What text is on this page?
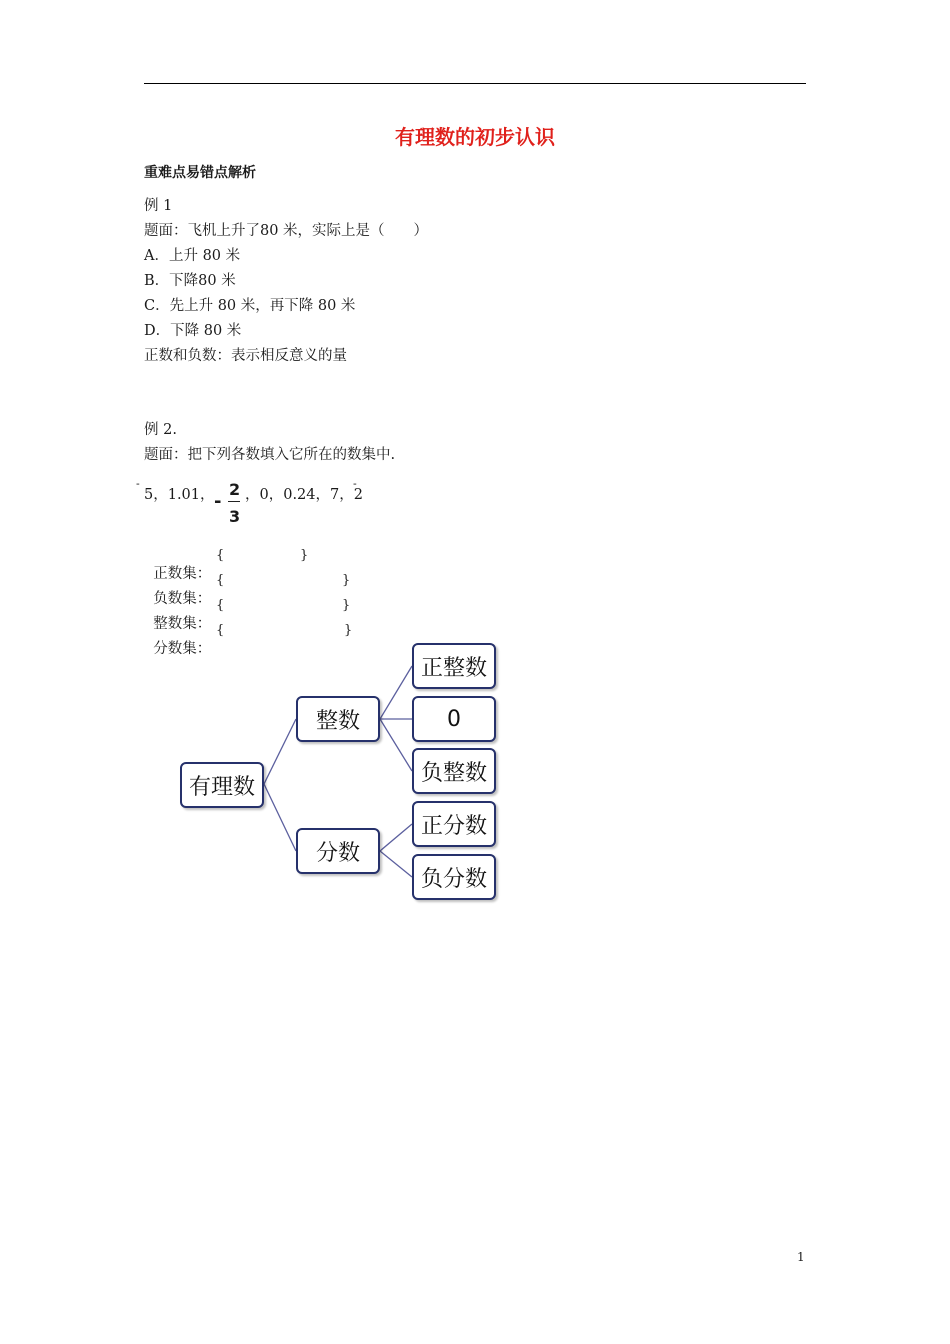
有理数的初步认识
重难点易错点解析
例 1
题面：飞机上升了80 米，实际上是（　　）
A．上升 80 米
B．下降80 米
C．先上升 80 米，再下降 80 米
D．下降 80 米
正数和负数：表示相反意义的量
例 2.
题面：把下列各数填入它所在的数集中.
5，1.01，
-
-
2
3
，0，0.24，7，2
-

正数集：

{	}

负数集：

{	}

整数集：

{	}

分数集：

{	}
有理数
整数
分数
正整数
0
负整数
正分数
负分数
1
